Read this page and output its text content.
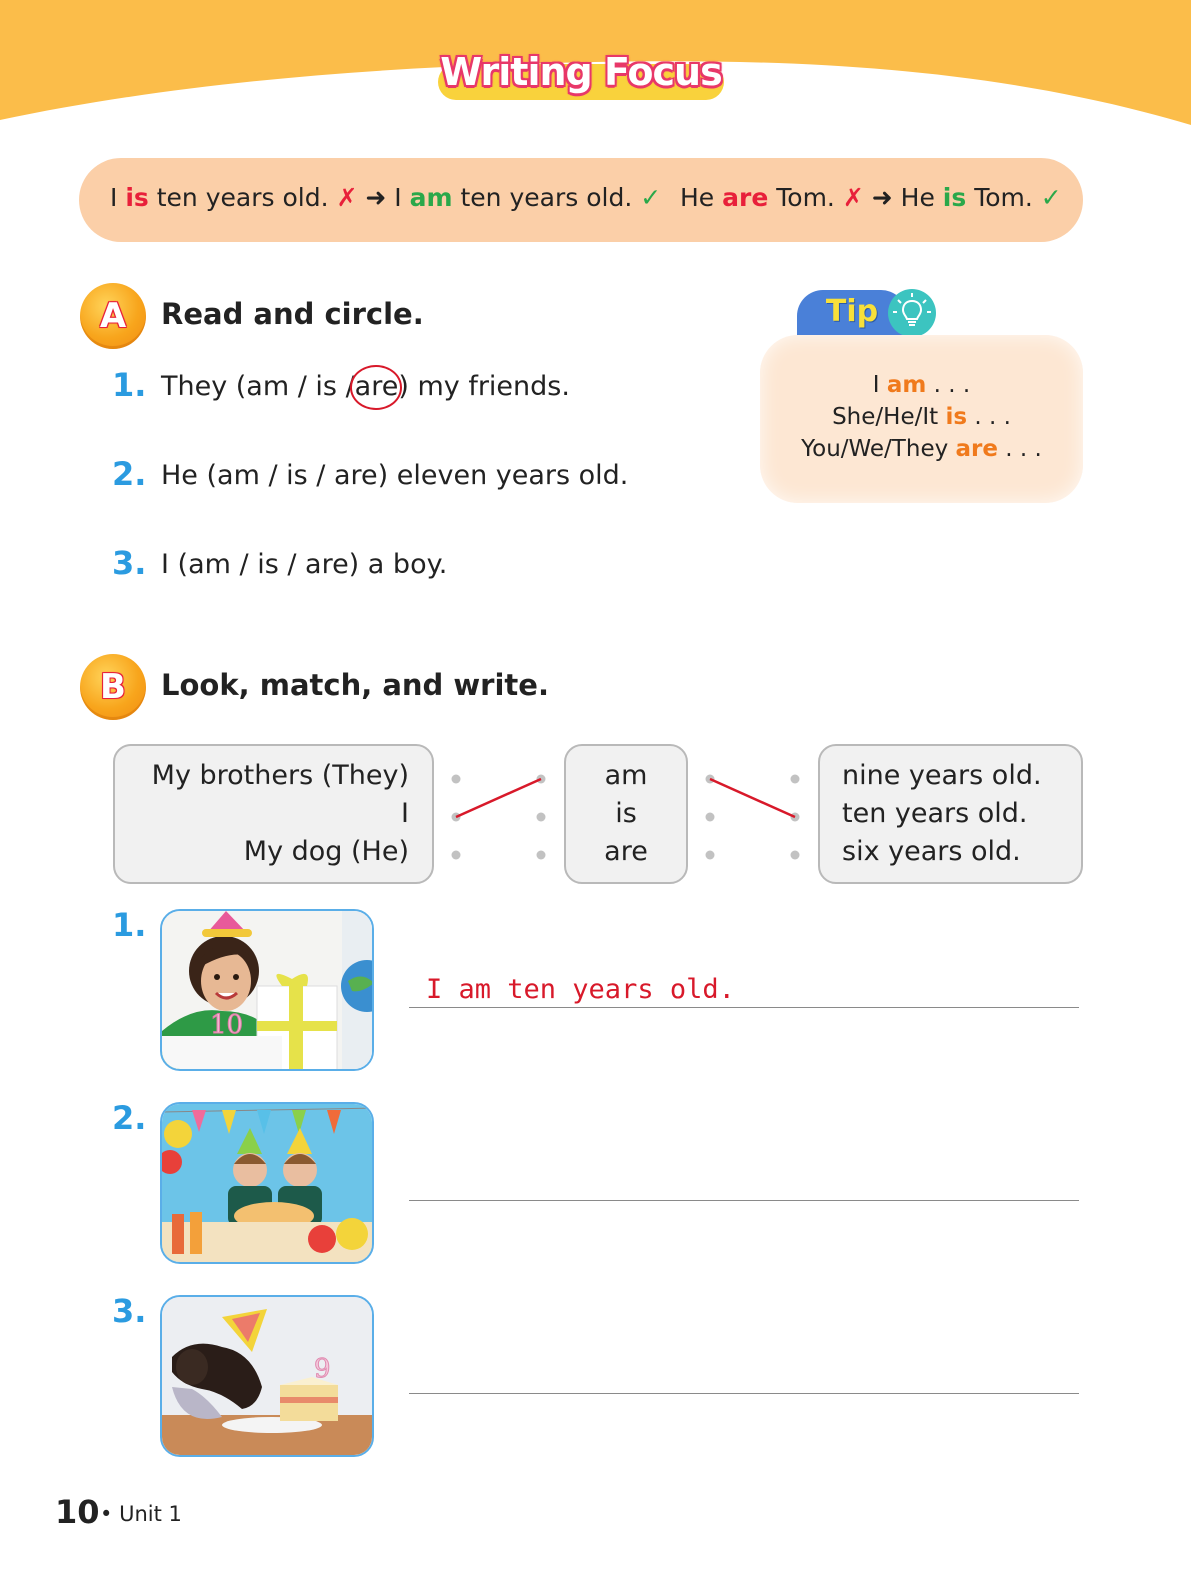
Writing Focus
I is ten years old. ✗ ➜ I am ten years old. ✓ He are Tom. ✗ ➜ He is Tom. ✓
A	Read and circle.
1. They (am / is /are) my friends.
2. He (am / is / are) eleven years old.
3. I (am / is / are) a boy.
Tip
I am . . .
She/He/It is . . .
You/We/They are . . .
B	Look, match, and write.
My brothers (They)
I
My dog (He)
am
is
are
nine years old.
ten years old.
six years old.
1.
10
I am ten years old.
2.
3.
9
10 • Unit 1
